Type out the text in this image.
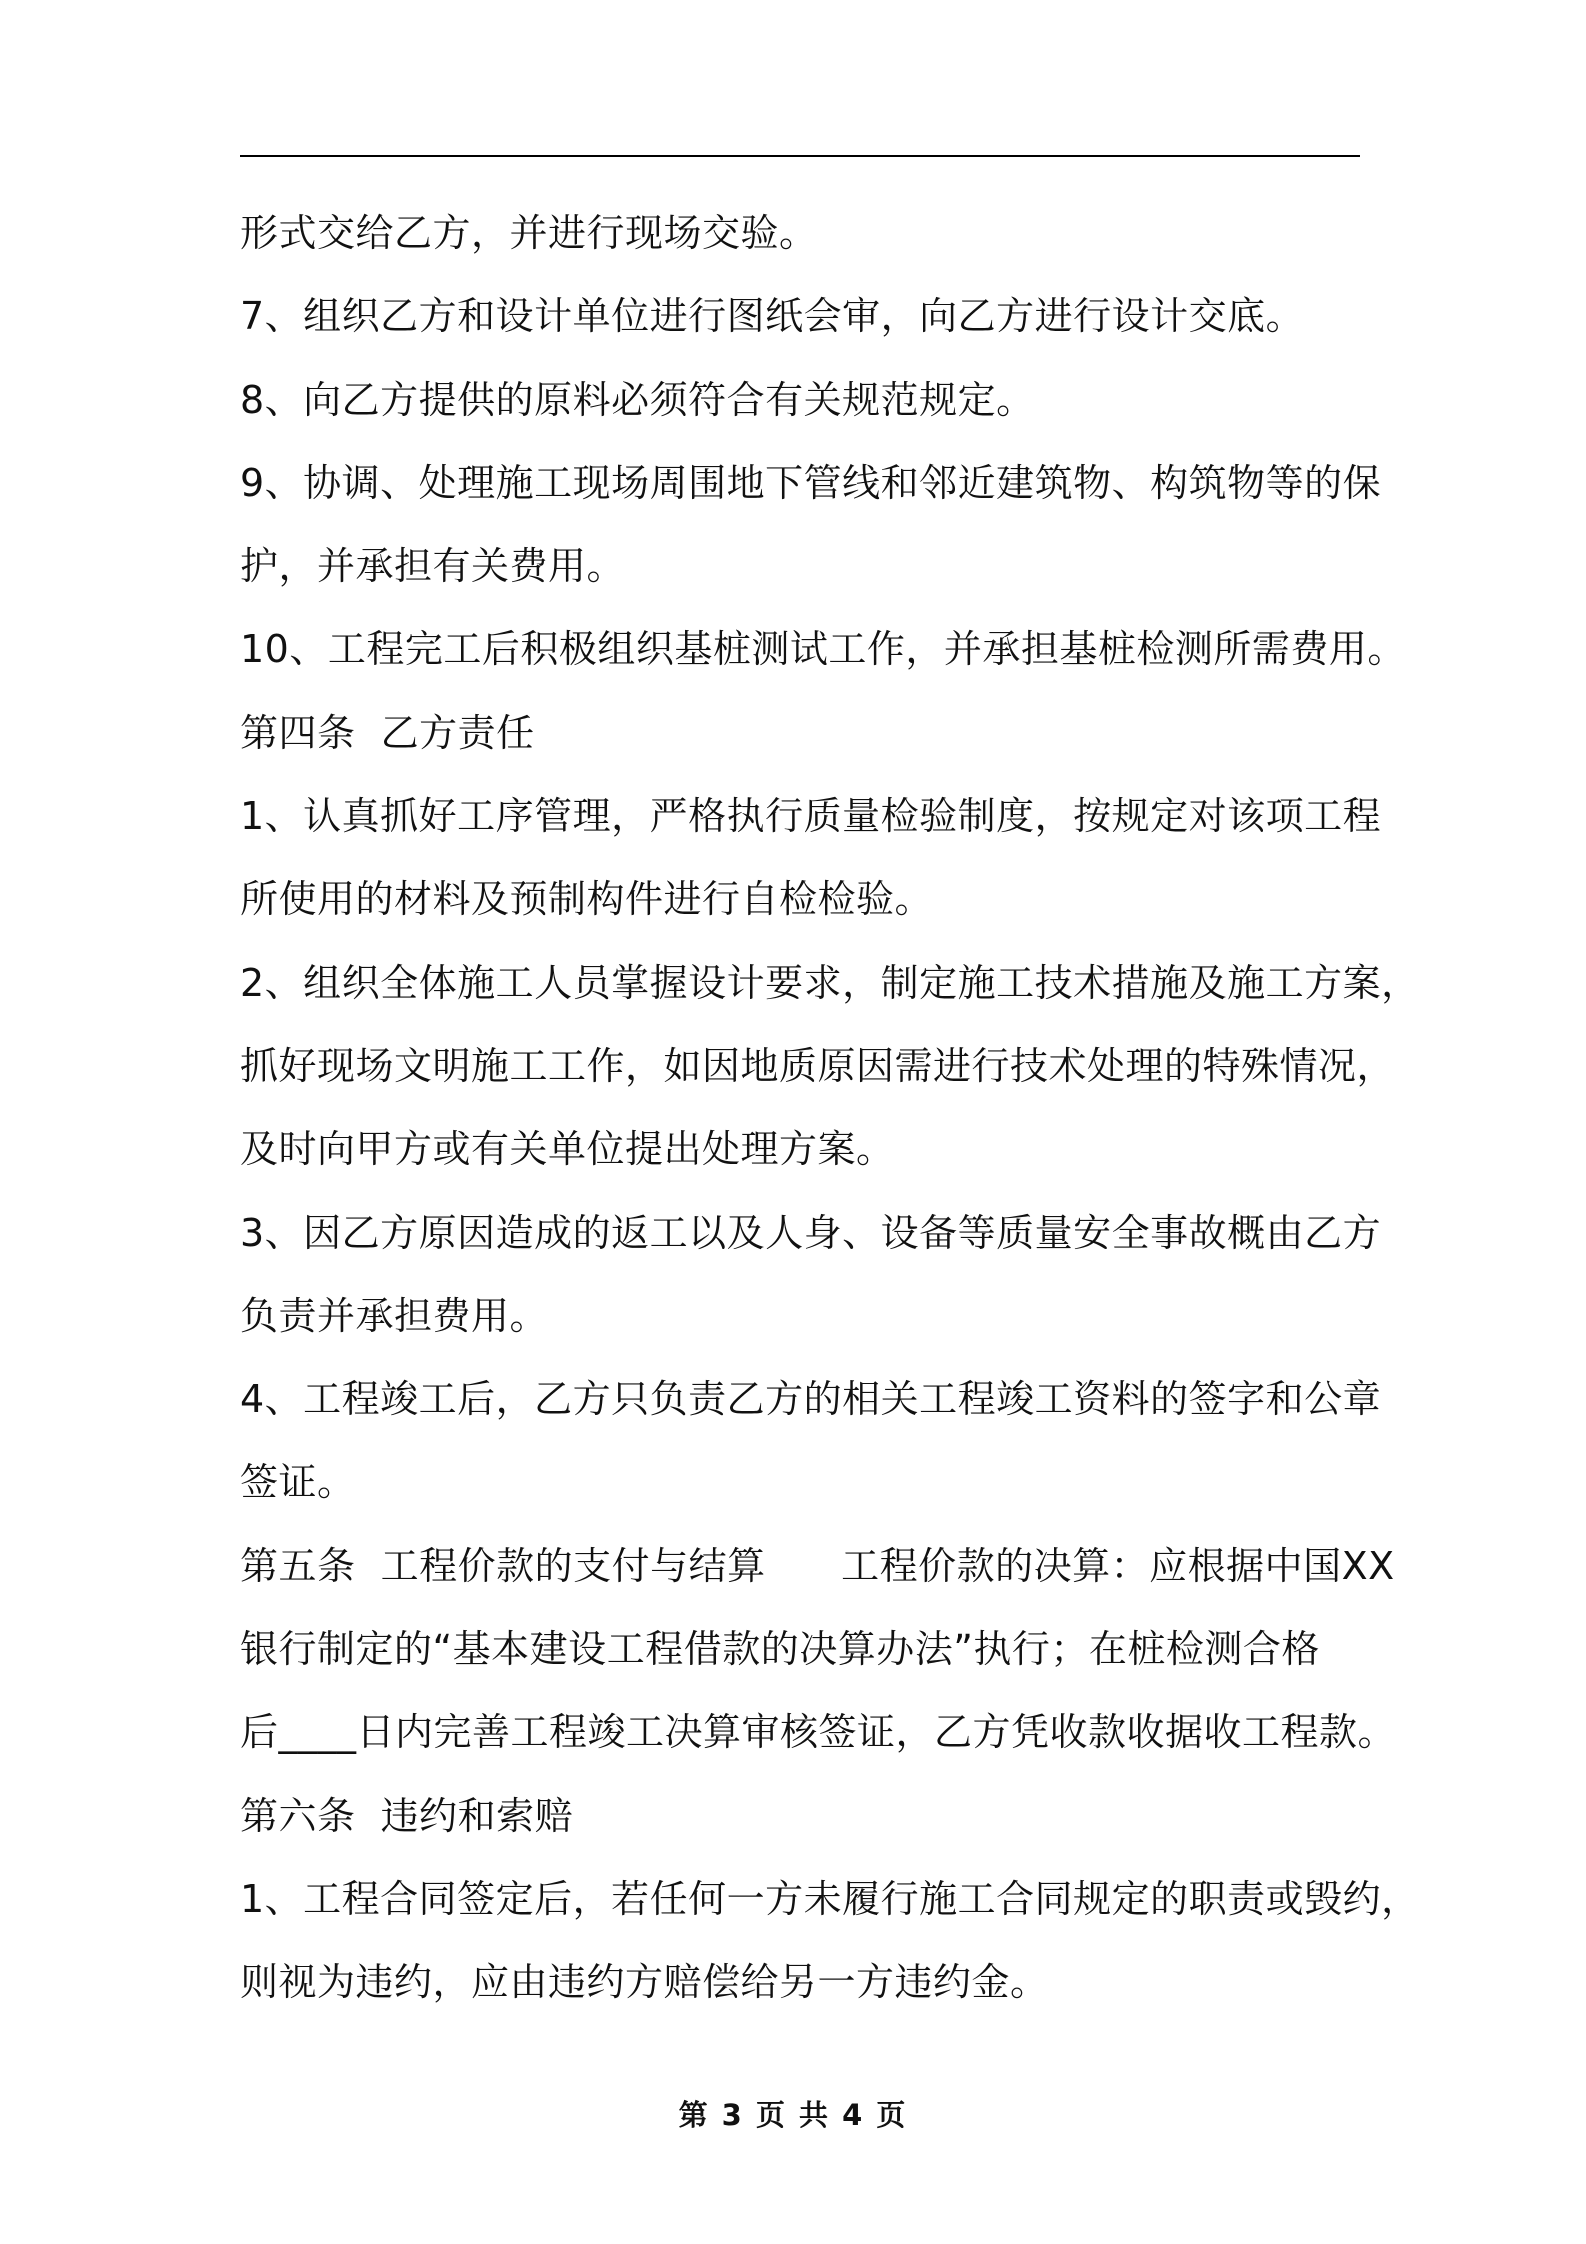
形式交给乙方，并进行现场交验。
7、组织乙方和设计单位进行图纸会审，向乙方进行设计交底。
8、向乙方提供的原料必须符合有关规范规定。
9、协调、处理施工现场周围地下管线和邻近建筑物、构筑物等的保
护，并承担有关费用。
10、工程完工后积极组织基桩测试工作，并承担基桩检测所需费用。
第四条  乙方责任
1、认真抓好工序管理，严格执行质量检验制度，按规定对该项工程
所使用的材料及预制构件进行自检检验。
2、组织全体施工人员掌握设计要求，制定施工技术措施及施工方案，
抓好现场文明施工工作，如因地质原因需进行技术处理的特殊情况，
及时向甲方或有关单位提出处理方案。
3、因乙方原因造成的返工以及人身、设备等质量安全事故概由乙方
负责并承担费用。
4、工程竣工后，乙方只负责乙方的相关工程竣工资料的签字和公章
签证。
第五条  工程价款的支付与结算      工程价款的决算：应根据中国XX
银行制定的“基本建设工程借款的决算办法”执行；在桩检测合格
后____日内完善工程竣工决算审核签证，乙方凭收款收据收工程款。
第六条  违约和索赔
1、工程合同签定后，若任何一方未履行施工合同规定的职责或毁约，
则视为违约，应由违约方赔偿给另一方违约金。
第 3 页 共 4 页
